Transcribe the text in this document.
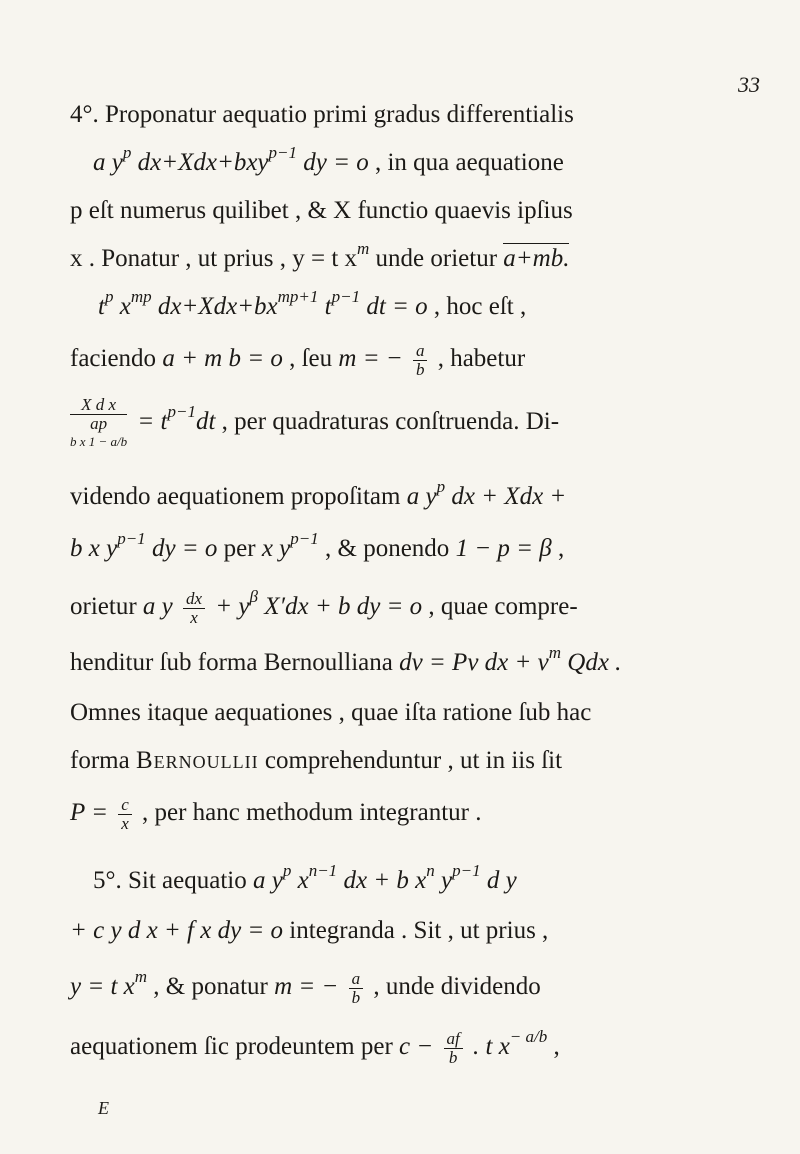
33
4°. Proponatur aequatio primi gradus differentialis
a $y^p$ dx+Xdx+bxy$^{p-1}$ dy = o , in qua aequatione
p eſt numerus quilibet , & X functio quaevis ipſius
x . Ponatur , ut prius , y = t $x^m$ unde orietur a+mb.
$t^p$ $x^{mp}$ $dx+Xdx+bx^{mp+1}$ $t^{p-1}$ dt = o , hoc eſt ,
faciendo a + m b = o , ſeu m = − $\frac{a}{b}$ , habetur
X d x
ap
b x 1 − a/b
= $t^{p-1}dt$ , per quadraturas conſtruenda. Di-
videndo aequationem propoſitam a $y^p$ dx + Xdx +
b x $y^{p-1}$ dy = o per x $y^{p-1}$ , & ponendo 1 − p = β ,
orietur a y $\frac{dx}{x} + y^\beta$ X′dx + b dy = o , quae compre-
henditur ſub forma Bernoulliana dv = Pv dx + $v^m$ Qdx .
Omnes itaque aequationes , quae iſta ratione ſub hac
forma Bernoullii comprehenduntur , ut in iis ſit
$P = \frac{c}{x}$ , per hanc methodum integrantur .
5°. Sit aequatio a $y^p$ $x^{n-1}$ dx + b $x^n$ $y^{p-1}$ d y
+ c y d x + f x dy = o integranda . Sit , ut prius ,
y = t $x^m$ , & ponatur m = − $\frac{a}{b}$ , unde dividendo
aequationem ſic prodeuntem per $c - \frac{af}{b}$ . t $x^{- a/b}$ ,
E
